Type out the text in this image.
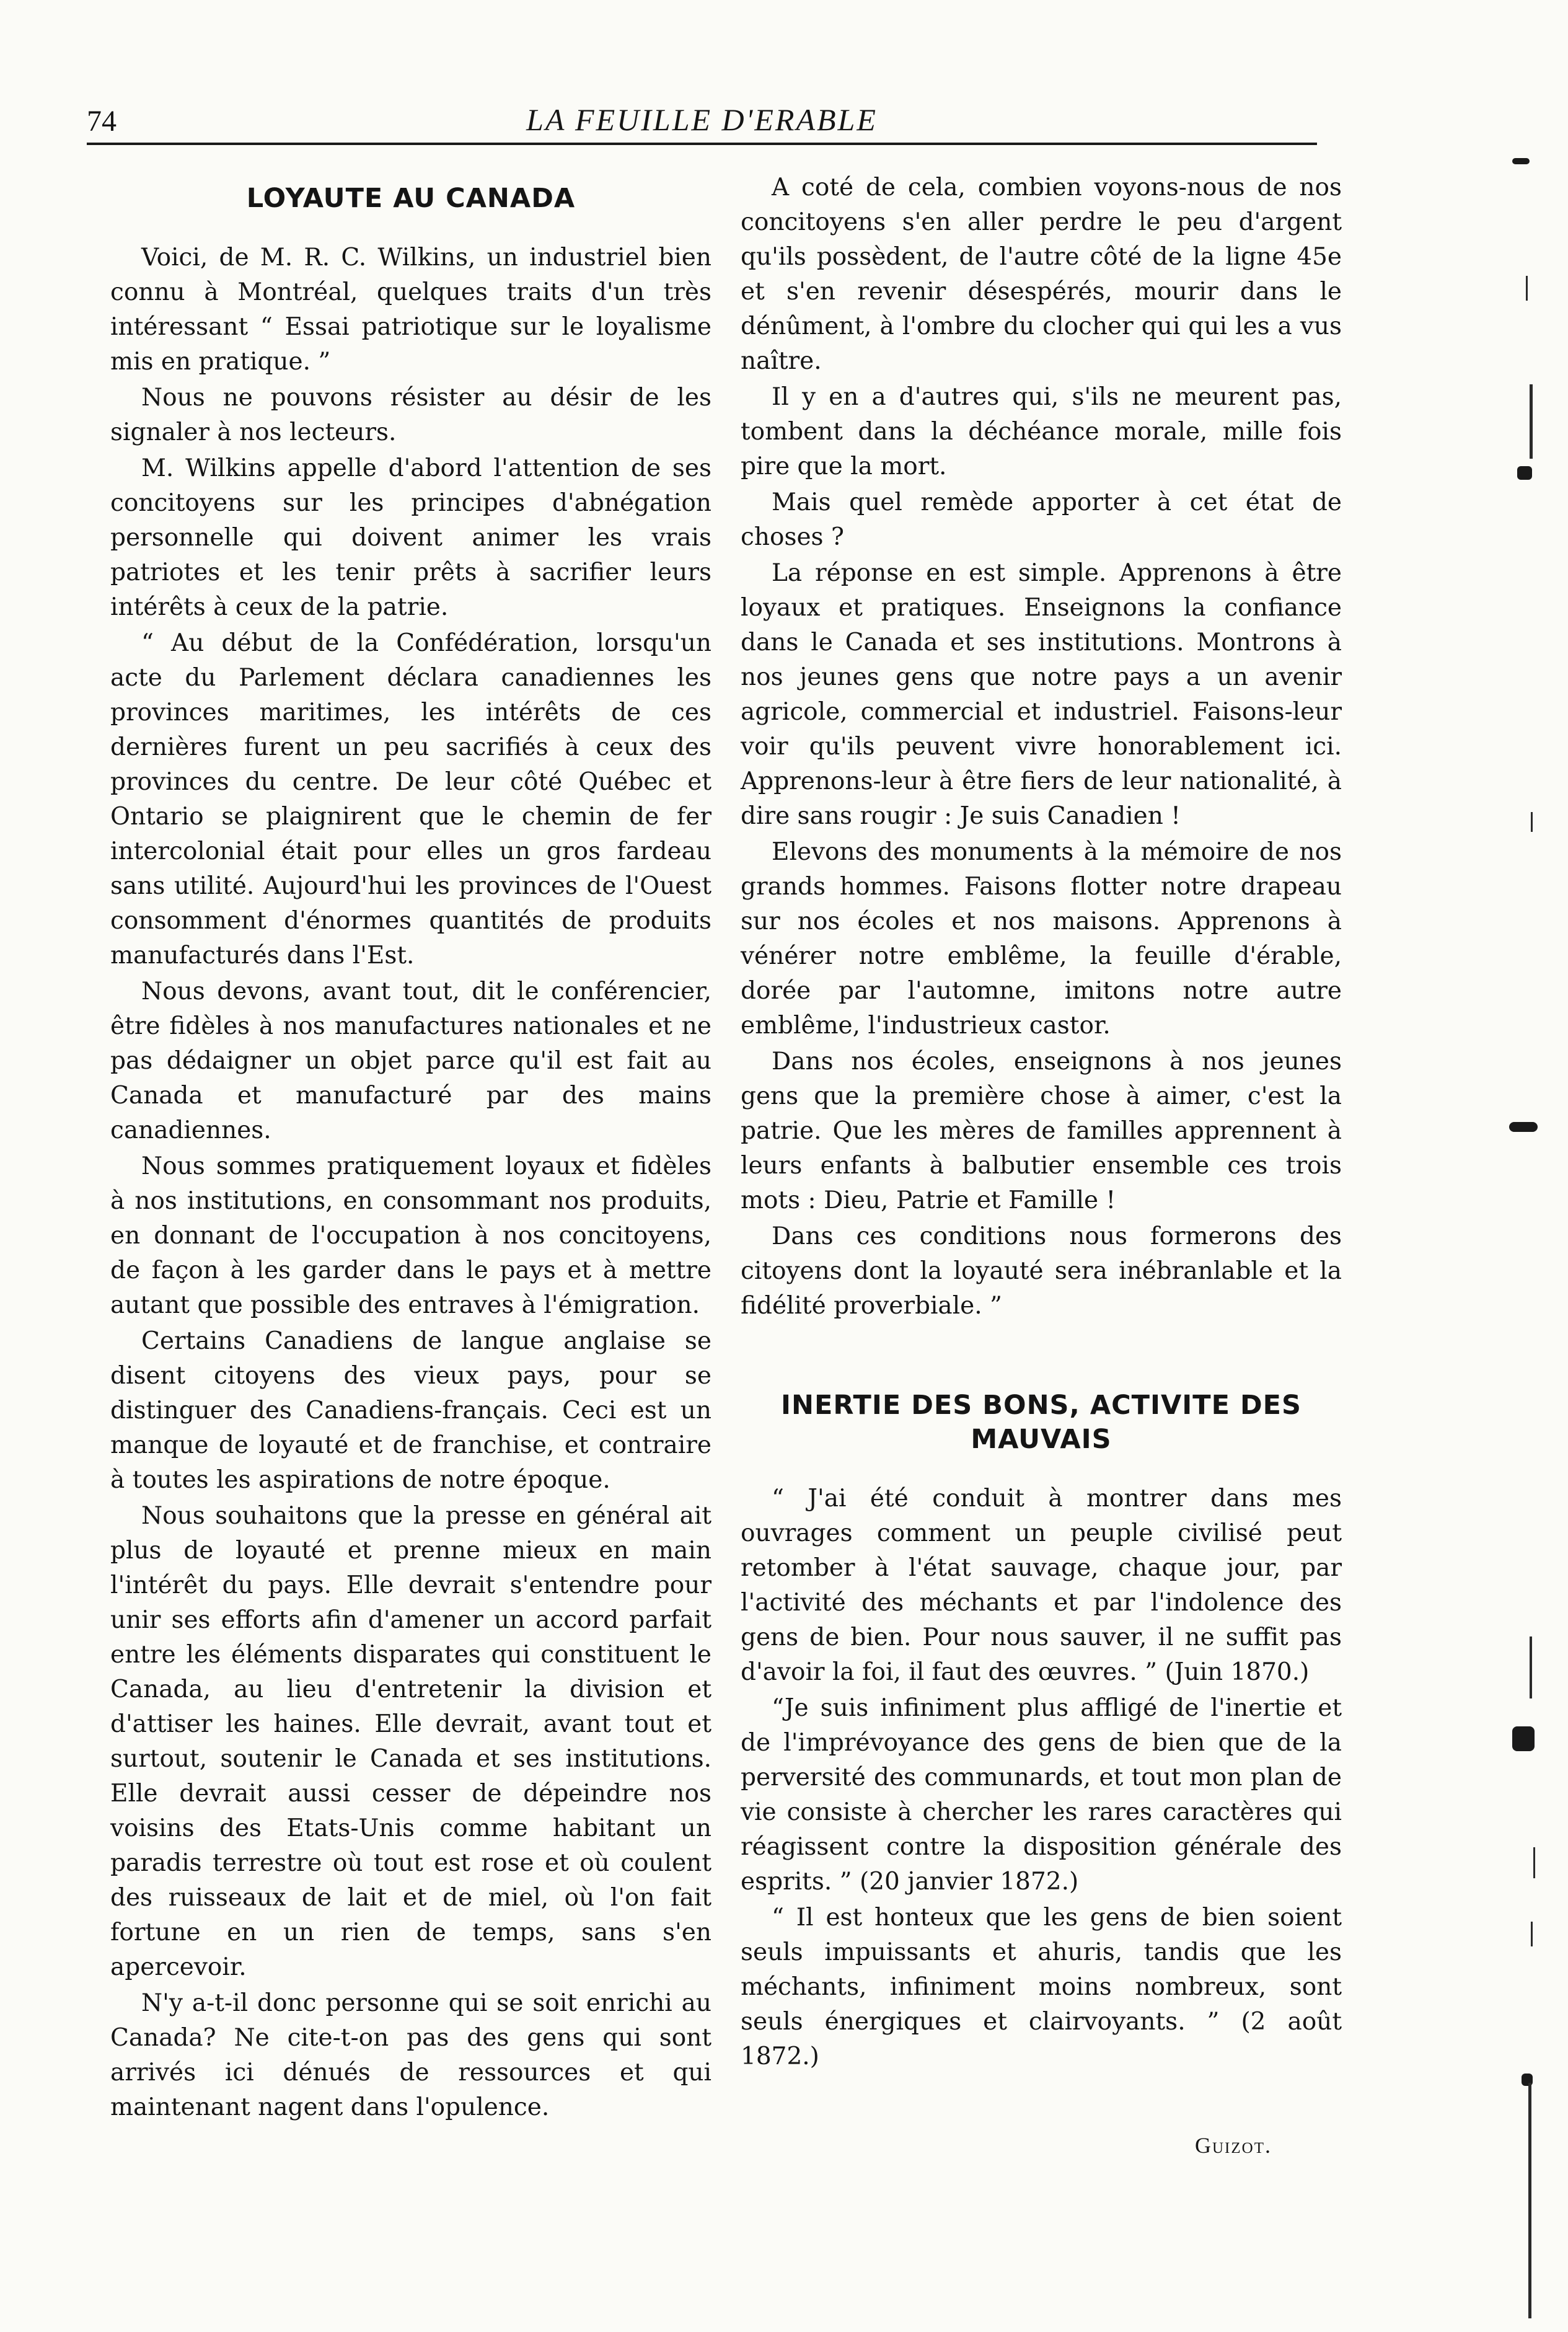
74	LA FEUILLE D'ERABLE
LOYAUTE AU CANADA

Voici, de M. R. C. Wilkins, un industriel bien connu à Montréal, quelques traits d'un très intéressant “ Essai patriotique sur le loyalisme mis en pratique. ”

Nous ne pouvons résister au désir de les signaler à nos lecteurs.

M. Wilkins appelle d'abord l'attention de ses concitoyens sur les principes d'abnégation personnelle qui doivent animer les vrais patriotes et les tenir prêts à sacrifier leurs intérêts à ceux de la patrie.

“ Au début de la Confédération, lorsqu'un acte du Parlement déclara canadiennes les provinces maritimes, les intérêts de ces dernières furent un peu sacrifiés à ceux des provinces du centre. De leur côté Québec et Ontario se plaignirent que le chemin de fer intercolonial était pour elles un gros fardeau sans utilité. Aujourd'hui les provinces de l'Ouest consomment d'énormes quantités de produits manufacturés dans l'Est.

Nous devons, avant tout, dit le conférencier, être fidèles à nos manufactures nationales et ne pas dédaigner un objet parce qu'il est fait au Canada et manufacturé par des mains canadiennes.

Nous sommes pratiquement loyaux et fidèles à nos institutions, en consommant nos produits, en donnant de l'occupation à nos concitoyens, de façon à les garder dans le pays et à mettre autant que possible des entraves à l'émigration.

Certains Canadiens de langue anglaise se disent citoyens des vieux pays, pour se distinguer des Canadiens-français. Ceci est un manque de loyauté et de franchise, et contraire à toutes les aspirations de notre époque.

Nous souhaitons que la presse en général ait plus de loyauté et prenne mieux en main l'intérêt du pays. Elle devrait s'entendre pour unir ses efforts afin d'amener un accord parfait entre les éléments disparates qui constituent le Canada, au lieu d'entretenir la division et d'attiser les haines. Elle devrait, avant tout et surtout, soutenir le Canada et ses institutions. Elle devrait aussi cesser de dépeindre nos voisins des Etats-Unis comme habitant un paradis terrestre où tout est rose et où coulent des ruisseaux de lait et de miel, où l'on fait fortune en un rien de temps, sans s'en apercevoir.

N'y a-t-il donc personne qui se soit enrichi au Canada? Ne cite-t-on pas des gens qui sont arrivés ici dénués de ressources et qui maintenant nagent dans l'opulence.

A coté de cela, combien voyons-nous de nos concitoyens s'en aller perdre le peu d'argent qu'ils possèdent, de l'autre côté de la ligne 45e et s'en revenir désespérés, mourir dans le dénûment, à l'ombre du clocher qui qui les a vus naître.

Il y en a d'autres qui, s'ils ne meurent pas, tombent dans la déchéance morale, mille fois pire que la mort.

Mais quel remède apporter à cet état de choses ?

La réponse en est simple. Apprenons à être loyaux et pratiques. Enseignons la confiance dans le Canada et ses institutions. Montrons à nos jeunes gens que notre pays a un avenir agricole, commercial et industriel. Faisons-leur voir qu'ils peuvent vivre honorablement ici. Apprenons-leur à être fiers de leur nationalité, à dire sans rougir : Je suis Canadien !

Elevons des monuments à la mémoire de nos grands hommes. Faisons flotter notre drapeau sur nos écoles et nos maisons. Apprenons à vénérer notre emblême, la feuille d'érable, dorée par l'automne, imitons notre autre emblême, l'industrieux castor.

Dans nos écoles, enseignons à nos jeunes gens que la première chose à aimer, c'est la patrie. Que les mères de familles apprennent à leurs enfants à balbutier ensemble ces trois mots : Dieu, Patrie et Famille !

Dans ces conditions nous formerons des citoyens dont la loyauté sera inébranlable et la fidélité proverbiale. ”

INERTIE DES BONS, ACTIVITE DES MAUVAIS

“ J'ai été conduit à montrer dans mes ouvrages comment un peuple civilisé peut retomber à l'état sauvage, chaque jour, par l'activité des méchants et par l'indolence des gens de bien. Pour nous sauver, il ne suffit pas d'avoir la foi, il faut des œuvres. ” (Juin 1870.)

“Je suis infiniment plus affligé de l'inertie et de l'imprévoyance des gens de bien que de la perversité des communards, et tout mon plan de vie consiste à chercher les rares caractères qui réagissent contre la disposition générale des esprits. ” (20 janvier 1872.)

“ Il est honteux que les gens de bien soient seuls impuissants et ahuris, tandis que les méchants, infiniment moins nombreux, sont seuls énergiques et clairvoyants. ” (2 août 1872.)

Guizot.
